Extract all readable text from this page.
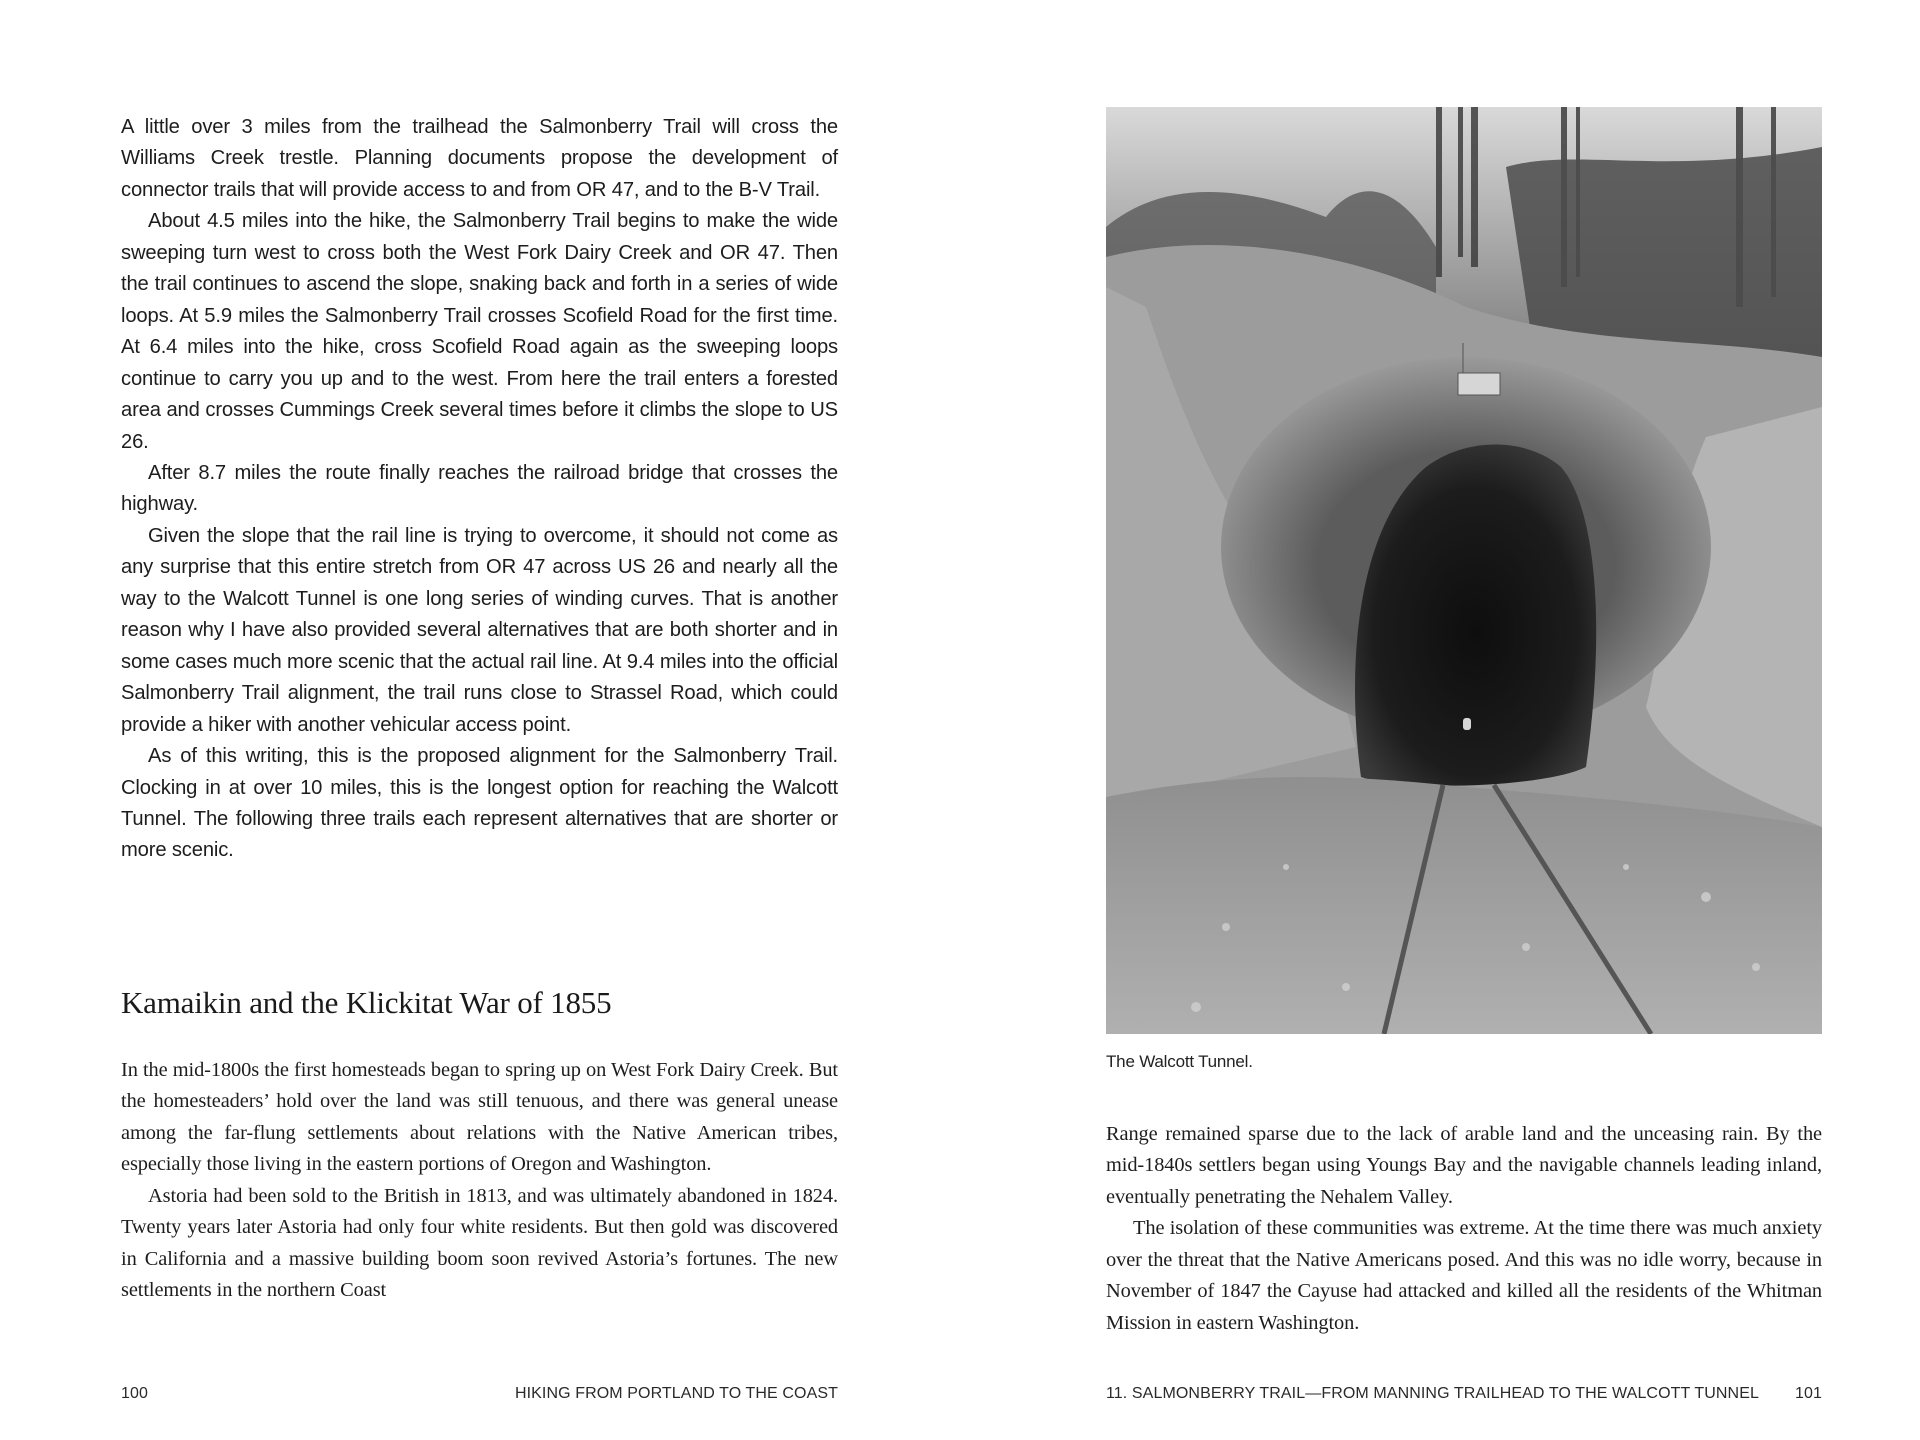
A little over 3 miles from the trailhead the Salmonberry Trail will cross the Williams Creek trestle. Planning documents propose the development of connector trails that will provide access to and from OR 47, and to the B-V Trail.

About 4.5 miles into the hike, the Salmonberry Trail begins to make the wide sweeping turn west to cross both the West Fork Dairy Creek and OR 47. Then the trail continues to ascend the slope, snaking back and forth in a series of wide loops. At 5.9 miles the Salmonberry Trail crosses Scofield Road for the first time. At 6.4 miles into the hike, cross Scofield Road again as the sweeping loops continue to carry you up and to the west. From here the trail enters a forested area and crosses Cummings Creek several times before it climbs the slope to US 26.

After 8.7 miles the route finally reaches the railroad bridge that crosses the highway.

Given the slope that the rail line is trying to overcome, it should not come as any surprise that this entire stretch from OR 47 across US 26 and nearly all the way to the Walcott Tunnel is one long series of winding curves. That is another reason why I have also provided several alternatives that are both shorter and in some cases much more scenic that the actual rail line. At 9.4 miles into the official Salmonberry Trail alignment, the trail runs close to Strassel Road, which could provide a hiker with another vehicular access point.

As of this writing, this is the proposed alignment for the Salmonberry Trail. Clocking in at over 10 miles, this is the longest option for reaching the Walcott Tunnel. The following three trails each represent alternatives that are shorter or more scenic.

Kamaikin and the Klickitat War of 1855

In the mid-1800s the first homesteads began to spring up on West Fork Dairy Creek. But the homesteaders’ hold over the land was still tenuous, and there was general unease among the far-flung settlements about relations with the Native American tribes, especially those living in the eastern portions of Oregon and Washington.

Astoria had been sold to the British in 1813, and was ultimately abandoned in 1824. Twenty years later Astoria had only four white residents. But then gold was discovered in California and a massive building boom soon revived Astoria’s fortunes. The new settlements in the northern Coast

100	HIKING FROM PORTLAND TO THE COAST
The Walcott Tunnel.

Range remained sparse due to the lack of arable land and the unceasing rain. By the mid-1840s settlers began using Youngs Bay and the navigable channels leading inland, eventually penetrating the Nehalem Valley.

The isolation of these communities was extreme. At the time there was much anxiety over the threat that the Native Americans posed. And this was no idle worry, because in November of 1847 the Cayuse had attacked and killed all the residents of the Whitman Mission in eastern Washington.

11. SALMONBERRY TRAIL—FROM MANNING TRAILHEAD TO THE WALCOTT TUNNEL 101
